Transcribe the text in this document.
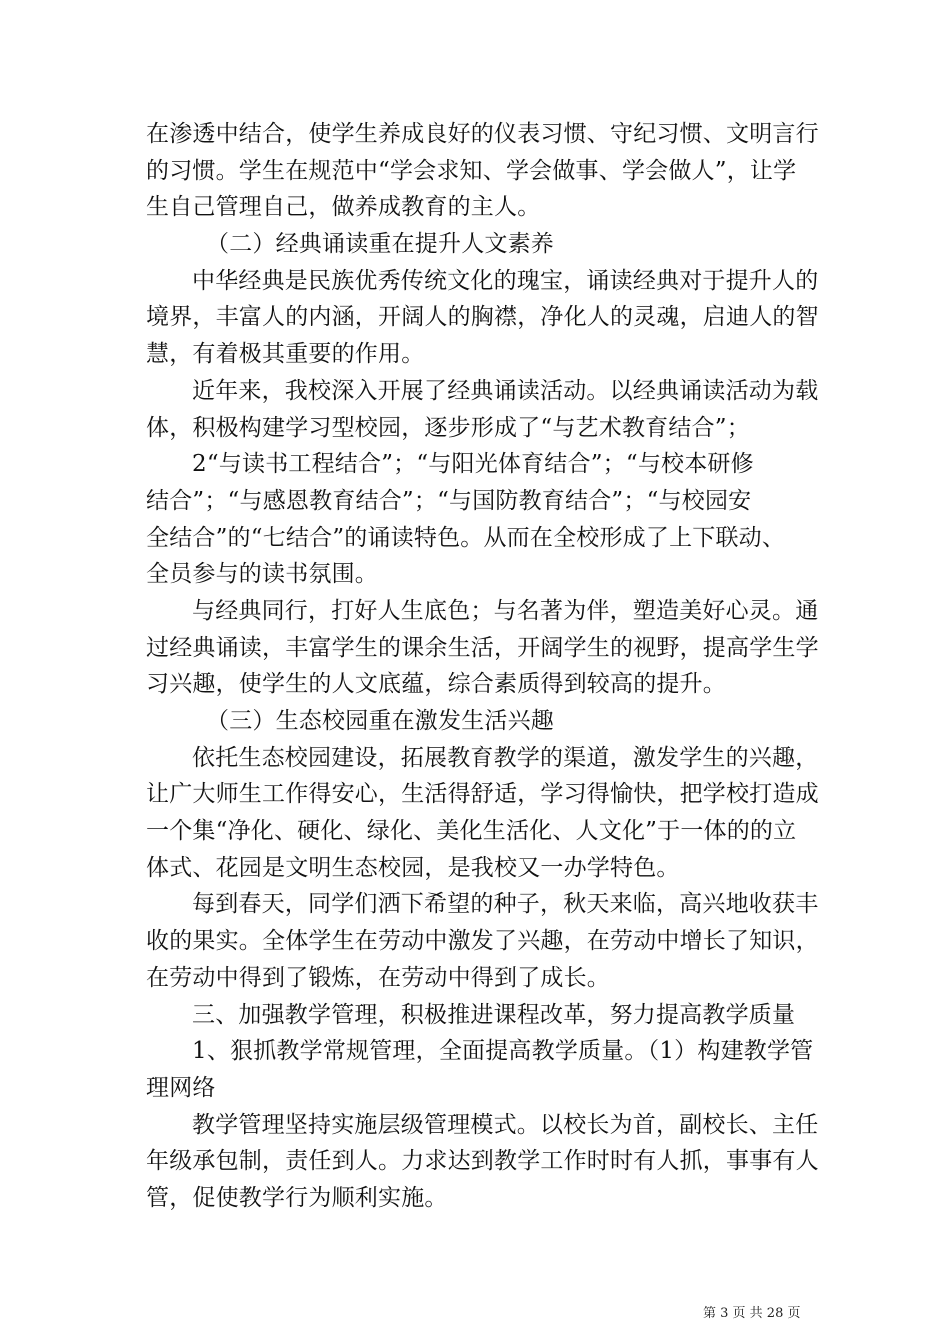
在渗透中结合，使学生养成良好的仪表习惯、守纪习惯、文明言行
的习惯。学生在规范中“学会求知、学会做事、学会做人”，让学
生自己管理自己，做养成教育的主人。
（二）经典诵读重在提升人文素养
中华经典是民族优秀传统文化的瑰宝，诵读经典对于提升人的
境界，丰富人的内涵，开阔人的胸襟，净化人的灵魂，启迪人的智
慧，有着极其重要的作用。
近年来，我校深入开展了经典诵读活动。以经典诵读活动为载
体，积极构建学习型校园，逐步形成了“与艺术教育结合”；
2“与读书工程结合”；“与阳光体育结合”；“与校本研修
结合”；“与感恩教育结合”；“与国防教育结合”；“与校园安
全结合”的“七结合”的诵读特色。从而在全校形成了上下联动、
全员参与的读书氛围。
与经典同行，打好人生底色；与名著为伴，塑造美好心灵。通
过经典诵读，丰富学生的课余生活，开阔学生的视野，提高学生学
习兴趣，使学生的人文底蕴，综合素质得到较高的提升。
（三）生态校园重在激发生活兴趣
依托生态校园建设，拓展教育教学的渠道，激发学生的兴趣，
让广大师生工作得安心，生活得舒适，学习得愉快，把学校打造成
一个集“净化、硬化、绿化、美化生活化、人文化”于一体的的立
体式、花园是文明生态校园，是我校又一办学特色。
每到春天，同学们洒下希望的种子，秋天来临，高兴地收获丰
收的果实。全体学生在劳动中激发了兴趣，在劳动中增长了知识，
在劳动中得到了锻炼，在劳动中得到了成长。
三、加强教学管理，积极推进课程改革，努力提高教学质量
1、狠抓教学常规管理，全面提高教学质量。（1）构建教学管
理网络
教学管理坚持实施层级管理模式。以校长为首，副校长、主任
年级承包制，责任到人。力求达到教学工作时时有人抓，事事有人
管，促使教学行为顺利实施。
第 3 页 共 28 页
